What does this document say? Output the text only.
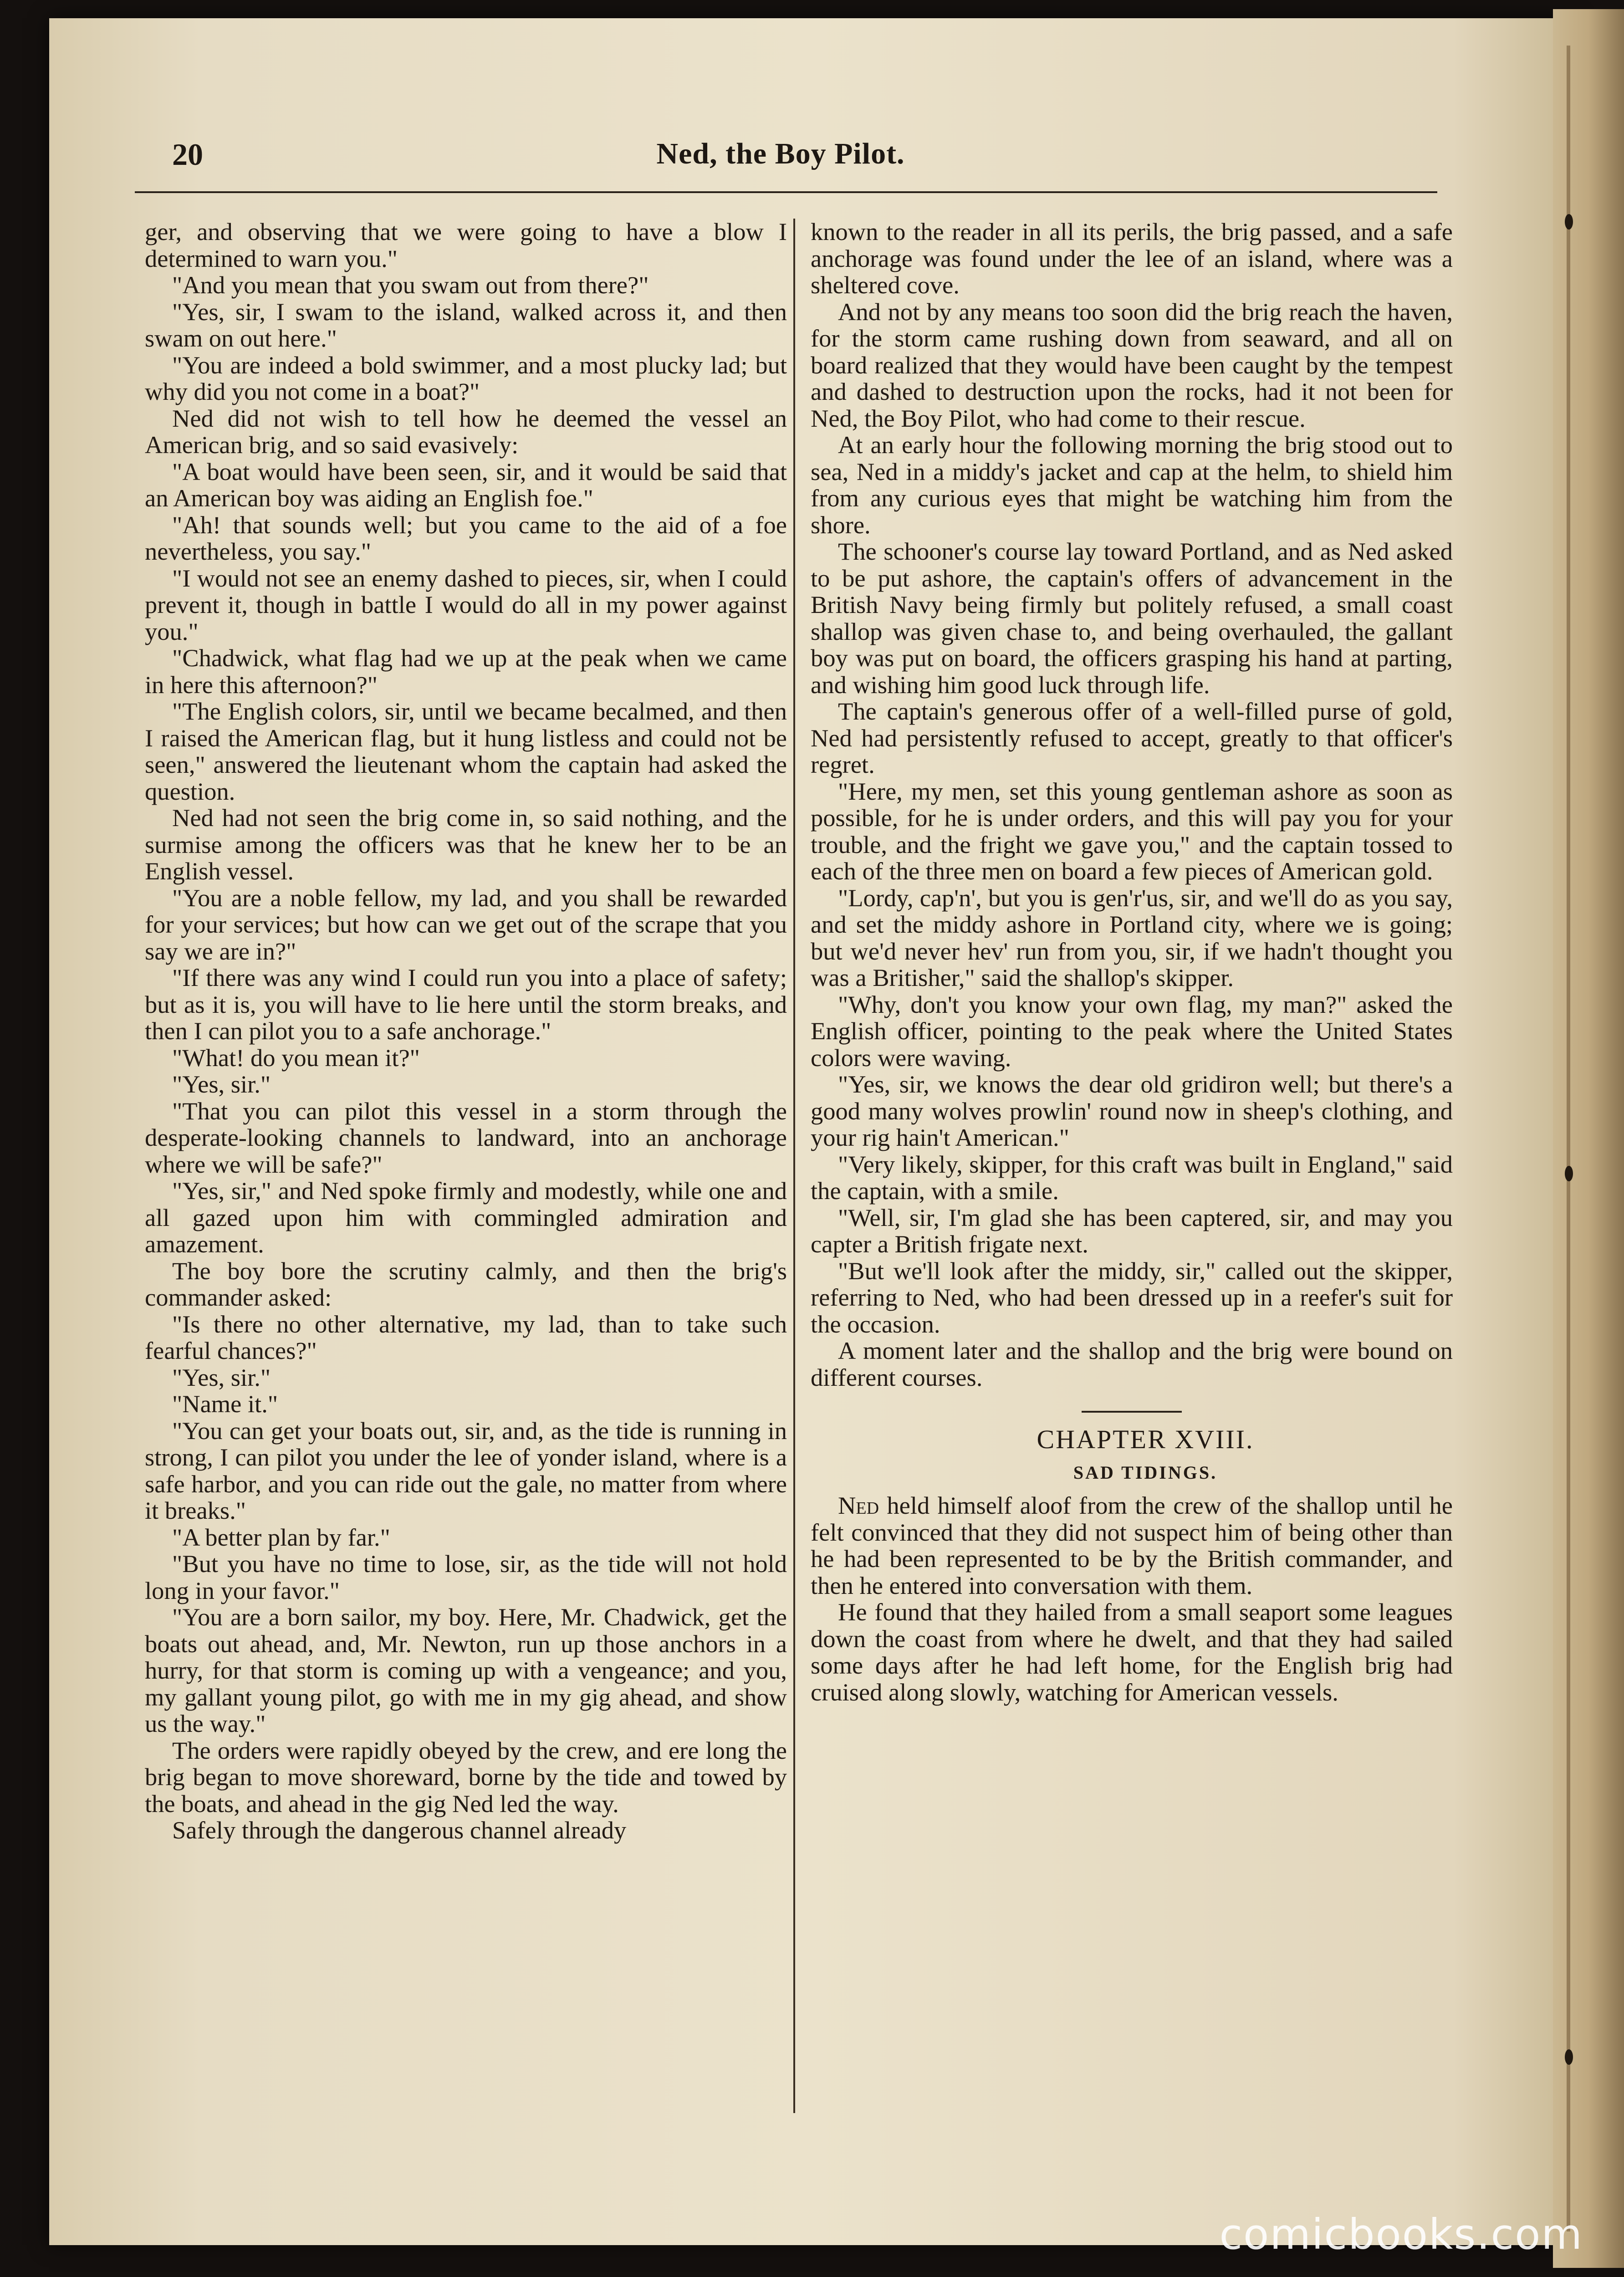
20	Ned, the Boy Pilot.

ger, and observing that we were going to have a blow I determined to warn you."

"And you mean that you swam out from there?"

"Yes, sir, I swam to the island, walked across it, and then swam on out here."

"You are indeed a bold swimmer, and a most plucky lad; but why did you not come in a boat?"

Ned did not wish to tell how he deemed the vessel an American brig, and so said evasively:

"A boat would have been seen, sir, and it would be said that an American boy was aiding an English foe."

"Ah! that sounds well; but you came to the aid of a foe nevertheless, you say."

"I would not see an enemy dashed to pieces, sir, when I could prevent it, though in battle I would do all in my power against you."

"Chadwick, what flag had we up at the peak when we came in here this afternoon?"

"The English colors, sir, until we became becalmed, and then I raised the American flag, but it hung listless and could not be seen," answered the lieutenant whom the captain had asked the question.

Ned had not seen the brig come in, so said nothing, and the surmise among the officers was that he knew her to be an English vessel.

"You are a noble fellow, my lad, and you shall be rewarded for your services; but how can we get out of the scrape that you say we are in?"

"If there was any wind I could run you into a place of safety; but as it is, you will have to lie here until the storm breaks, and then I can pilot you to a safe anchorage."

"What! do you mean it?"

"Yes, sir."

"That you can pilot this vessel in a storm through the desperate-looking channels to landward, into an anchorage where we will be safe?"

"Yes, sir," and Ned spoke firmly and modestly, while one and all gazed upon him with commingled admiration and amazement.

The boy bore the scrutiny calmly, and then the brig's commander asked:

"Is there no other alternative, my lad, than to take such fearful chances?"

"Yes, sir."

"Name it."

"You can get your boats out, sir, and, as the tide is running in strong, I can pilot you under the lee of yonder island, where is a safe harbor, and you can ride out the gale, no matter from where it breaks."

"A better plan by far."

"But you have no time to lose, sir, as the tide will not hold long in your favor."

"You are a born sailor, my boy. Here, Mr. Chadwick, get the boats out ahead, and, Mr. Newton, run up those anchors in a hurry, for that storm is coming up with a vengeance; and you, my gallant young pilot, go with me in my gig ahead, and show us the way."

The orders were rapidly obeyed by the crew, and ere long the brig began to move shoreward, borne by the tide and towed by the boats, and ahead in the gig Ned led the way.

Safely through the dangerous channel already

known to the reader in all its perils, the brig passed, and a safe anchorage was found under the lee of an island, where was a sheltered cove.

And not by any means too soon did the brig reach the haven, for the storm came rushing down from seaward, and all on board realized that they would have been caught by the tempest and dashed to destruction upon the rocks, had it not been for Ned, the Boy Pilot, who had come to their rescue.

At an early hour the following morning the brig stood out to sea, Ned in a middy's jacket and cap at the helm, to shield him from any curious eyes that might be watching him from the shore.

The schooner's course lay toward Portland, and as Ned asked to be put ashore, the captain's offers of advancement in the British Navy being firmly but politely refused, a small coast shallop was given chase to, and being overhauled, the gallant boy was put on board, the officers grasping his hand at parting, and wishing him good luck through life.

The captain's generous offer of a well-filled purse of gold, Ned had persistently refused to accept, greatly to that officer's regret.

"Here, my men, set this young gentleman ashore as soon as possible, for he is under orders, and this will pay you for your trouble, and the fright we gave you," and the captain tossed to each of the three men on board a few pieces of American gold.

"Lordy, cap'n', but you is gen'r'us, sir, and we'll do as you say, and set the middy ashore in Portland city, where we is going; but we'd never hev' run from you, sir, if we hadn't thought you was a Britisher," said the shallop's skipper.

"Why, don't you know your own flag, my man?" asked the English officer, pointing to the peak where the United States colors were waving.

"Yes, sir, we knows the dear old gridiron well; but there's a good many wolves prowlin' round now in sheep's clothing, and your rig hain't American."

"Very likely, skipper, for this craft was built in England," said the captain, with a smile.

"Well, sir, I'm glad she has been captered, sir, and may you capter a British frigate next.

"But we'll look after the middy, sir," called out the skipper, referring to Ned, who had been dressed up in a reefer's suit for the occasion.

A moment later and the shallop and the brig were bound on different courses.

CHAPTER XVIII.

SAD TIDINGS.

Ned held himself aloof from the crew of the shallop until he felt convinced that they did not suspect him of being other than he had been represented to be by the British commander, and then he entered into conversation with them.

He found that they hailed from a small seaport some leagues down the coast from where he dwelt, and that they had sailed some days after he had left home, for the English brig had cruised along slowly, watching for American vessels.

comicbooks.com
